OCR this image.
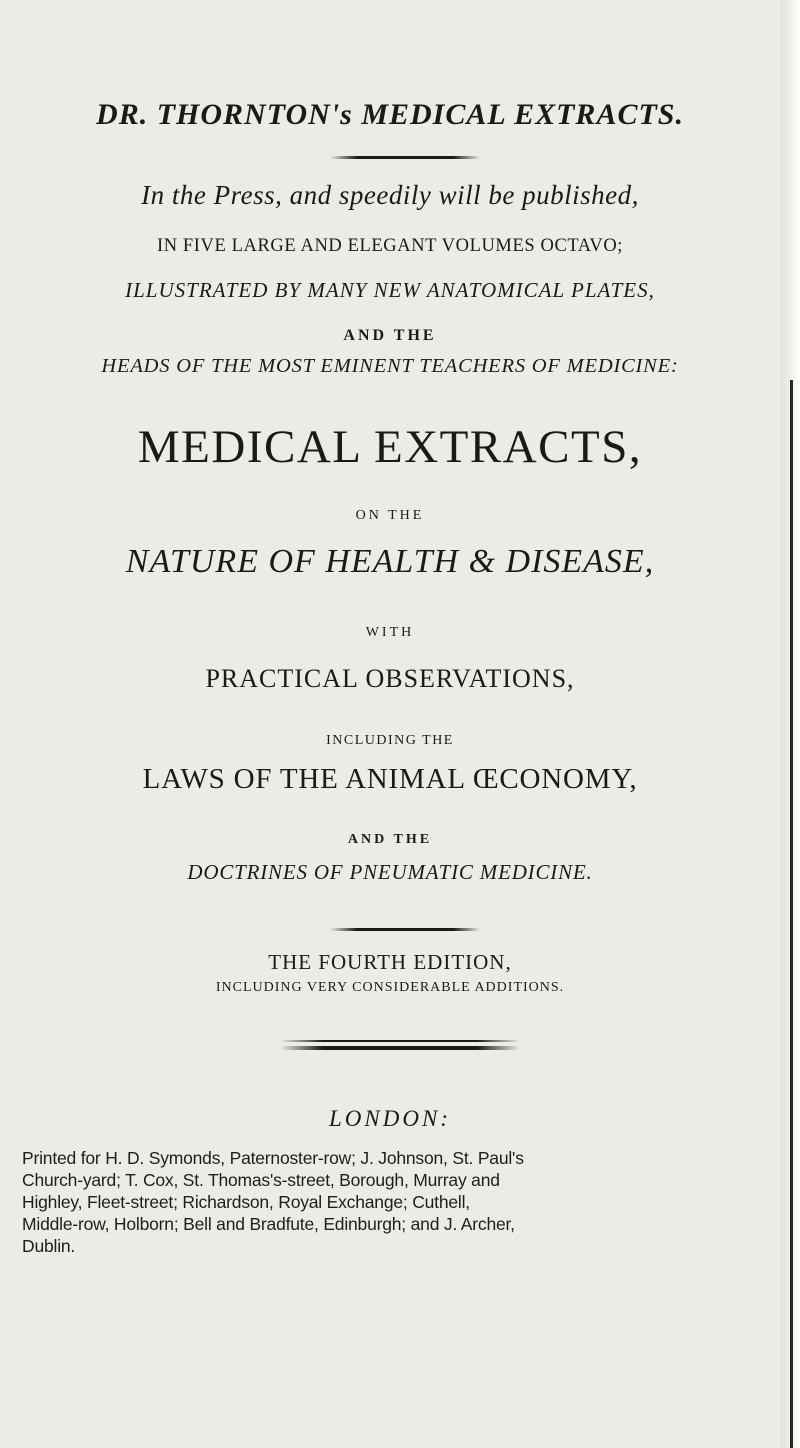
DR. THORNTON's MEDICAL EXTRACTS.
In the Press, and speedily will be published,
IN FIVE LARGE AND ELEGANT VOLUMES OCTAVO;
ILLUSTRATED BY MANY NEW ANATOMICAL PLATES,
AND THE
HEADS OF THE MOST EMINENT TEACHERS OF MEDICINE:
MEDICAL EXTRACTS,
ON THE
NATURE OF HEALTH & DISEASE,
WITH
PRACTICAL OBSERVATIONS,
INCLUDING THE
LAWS OF THE ANIMAL ŒCONOMY,
AND THE
DOCTRINES OF PNEUMATIC MEDICINE.
THE FOURTH EDITION,
INCLUDING VERY CONSIDERABLE ADDITIONS.
LONDON:
Printed for H. D. Symonds, Paternoster-row; J. Johnson, St. Paul's
Church-yard; T. Cox, St. Thomas's-street, Borough, Murray and
Highley, Fleet-street; Richardson, Royal Exchange; Cuthell,
Middle-row, Holborn; Bell and Bradfute, Edinburgh; and J. Archer,
Dublin.
